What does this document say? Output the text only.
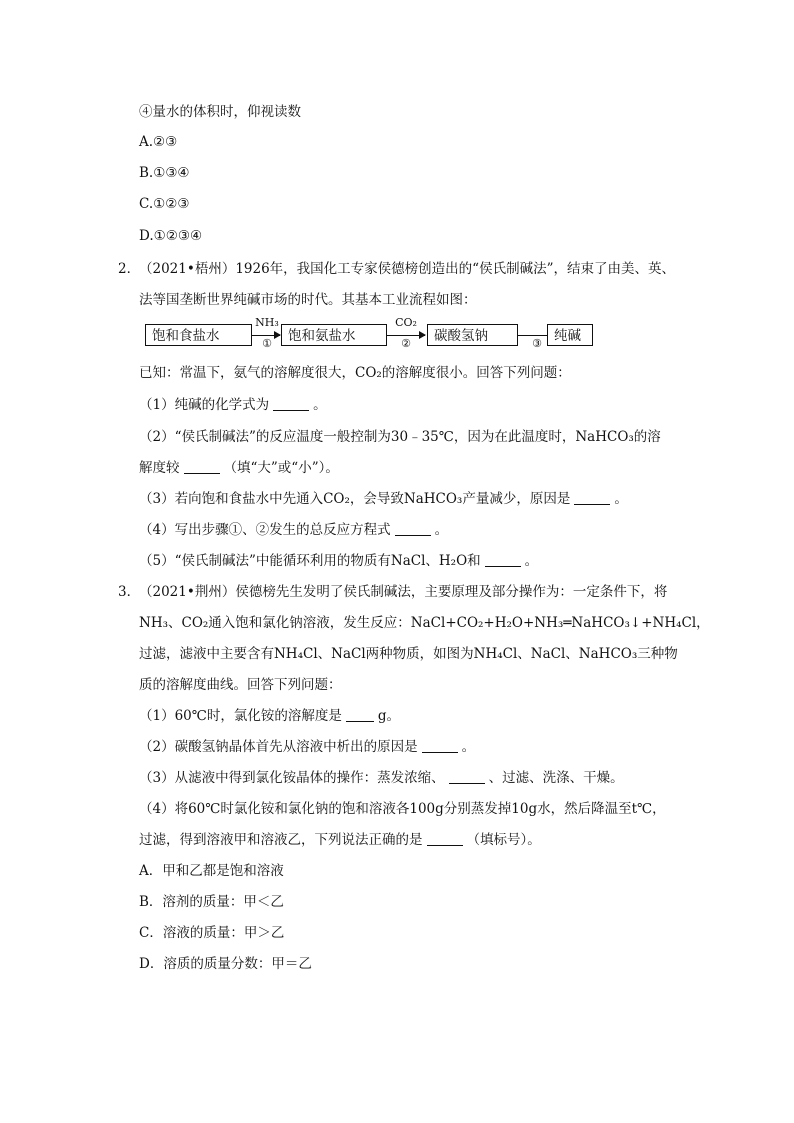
④量水的体积时，仰视读数
A.②③
B.①③④
C.①②③
D.①②③④
2．
（2021•梧州）1926年，我国化工专家侯德榜创造出的“侯氏制碱法”，结束了由美、英、
法等国垄断世界纯碱市场的时代。其基本工业流程如图：
饱和食盐水
NH₃
①	饱和氨盐水
CO₂
②	碳酸氢钠	③ 纯碱
已知：常温下，氨气的溶解度很大，CO₂的溶解度很小。回答下列问题：
（1）纯碱的化学式为	。
（2）“侯氏制碱法”的反应温度一般控制为30﹣35℃，因为在此温度时，NaHCO₃的溶
解度较	（填“大”或“小”）。
（3）若向饱和食盐水中先通入CO₂，会导致NaHCO₃产量减少，原因是	。
（4）写出步骤①、②发生的总反应方程式	。
（5）“侯氏制碱法”中能循环利用的物质有NaCl、H₂O和	。
3．
（2021•荆州）侯德榜先生发明了侯氏制碱法，主要原理及部分操作为：一定条件下，将
NH₃、CO₂通入饱和氯化钠溶液，发生反应：NaCl+CO₂+H₂O+NH₃═NaHCO₃↓+NH₄Cl，
过滤，滤液中主要含有NH₄Cl、NaCl两种物质，如图为NH₄Cl、NaCl、NaHCO₃三种物
质的溶解度曲线。回答下列问题：
（1）60℃时，氯化铵的溶解度是	g。
（2）碳酸氢钠晶体首先从溶液中析出的原因是	。
（3）从滤液中得到氯化铵晶体的操作：蒸发浓缩、	、过滤、洗涤、干燥。
（4）将60℃时氯化铵和氯化钠的饱和溶液各100g分别蒸发掉10g水，然后降温至t℃，
过滤，得到溶液甲和溶液乙，下列说法正确的是	（填标号）。
A．甲和乙都是饱和溶液
B．溶剂的质量：甲＜乙
C．溶液的质量：甲＞乙
D．溶质的质量分数：甲＝乙
